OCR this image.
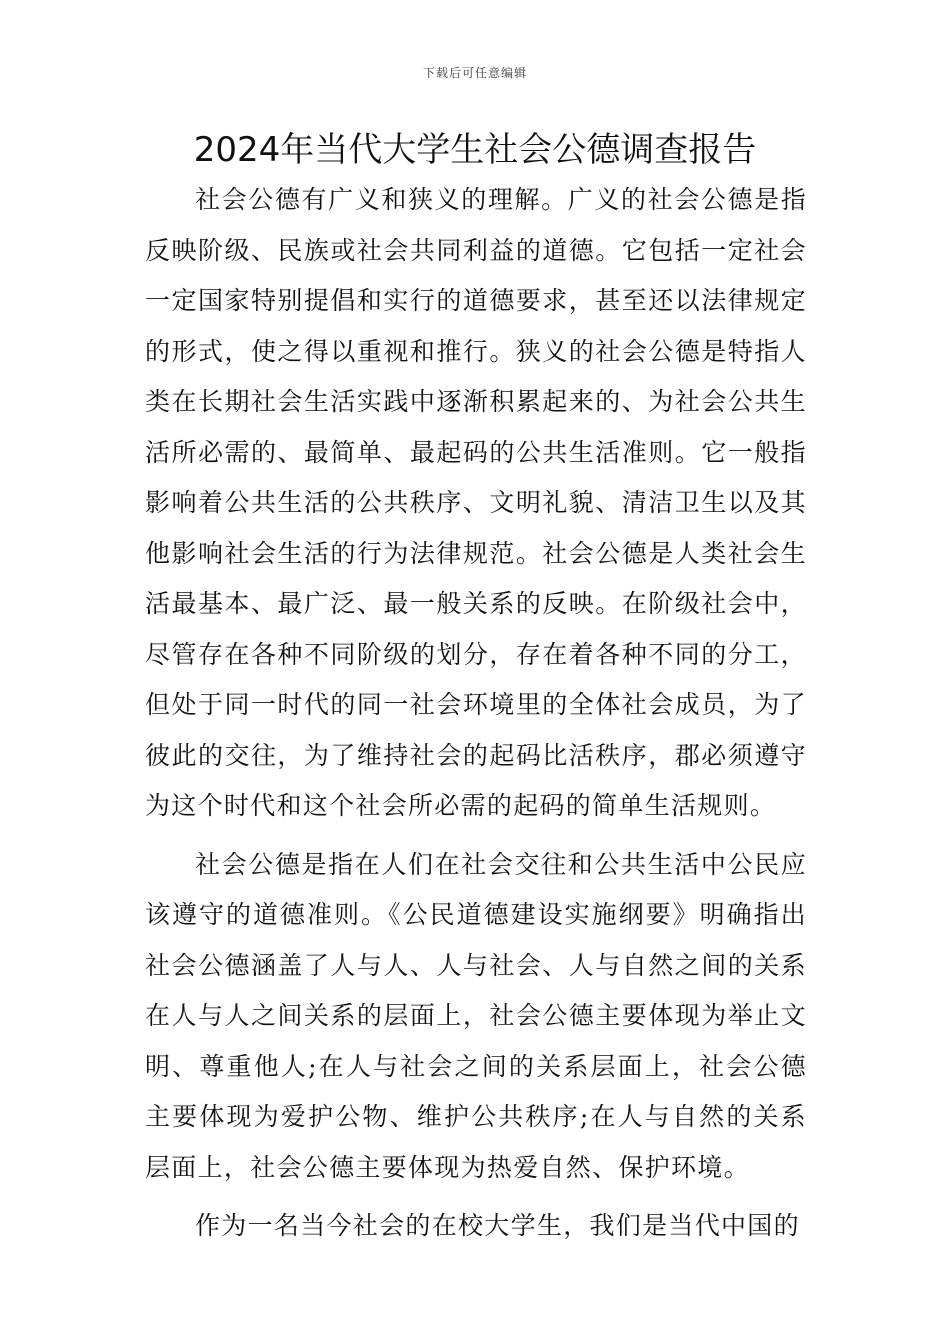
下载后可任意编辑
2024年当代大学生社会公德调查报告

社会公德有广义和狭义的理解。广义的社会公德是指反映阶级、民族或社会共同利益的道德。它包括一定社会一定国家特别提倡和实行的道德要求，甚至还以法律规定的形式，使之得以重视和推行。狭义的社会公德是特指人类在长期社会生活实践中逐渐积累起来的、为社会公共生活所必需的、最简单、最起码的公共生活准则。它一般指影响着公共生活的公共秩序、文明礼貌、清洁卫生以及其他影响社会生活的行为法律规范。社会公德是人类社会生活最基本、最广泛、最一般关系的反映。在阶级社会中，尽管存在各种不同阶级的划分，存在着各种不同的分工，但处于同一时代的同一社会环境里的全体社会成员，为了彼此的交往，为了维持社会的起码比活秩序，郡必须遵守为这个时代和这个社会所必需的起码的简单生活规则。

社会公德是指在人们在社会交往和公共生活中公民应该遵守的道德准则。《公民道德建设实施纲要》明确指出社会公德涵盖了人与人、人与社会、人与自然之间的关系在人与人之间关系的层面上，社会公德主要体现为举止文明、尊重他人;在人与社会之间的关系层面上，社会公德主要体现为爱护公物、维护公共秩序;在人与自然的关系层面上，社会公德主要体现为热爱自然、保护环境。

作为一名当今社会的在校大学生，我们是当代中国的
